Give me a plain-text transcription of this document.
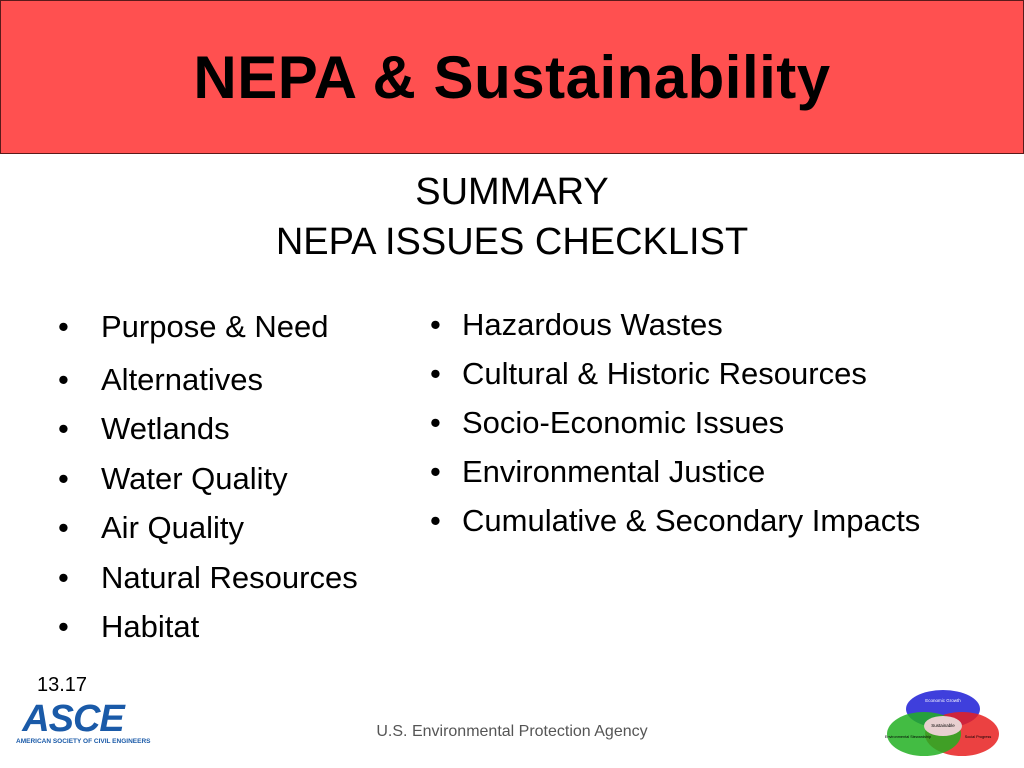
NEPA & Sustainability
SUMMARY
NEPA ISSUES CHECKLIST
• Purpose & Need
• Alternatives
• Wetlands
• Water Quality
• Air Quality
• Natural Resources
• Habitat
• Hazardous Wastes
• Cultural & Historic Resources
• Socio-Economic Issues
• Environmental Justice
• Cumulative & Secondary Impacts
13.17
ASCE
AMERICAN SOCIETY OF CIVIL ENGINEERS
U.S. Environmental Protection Agency
Economic Growth
Sustainable
Environmental Stewardship	Social Progress
